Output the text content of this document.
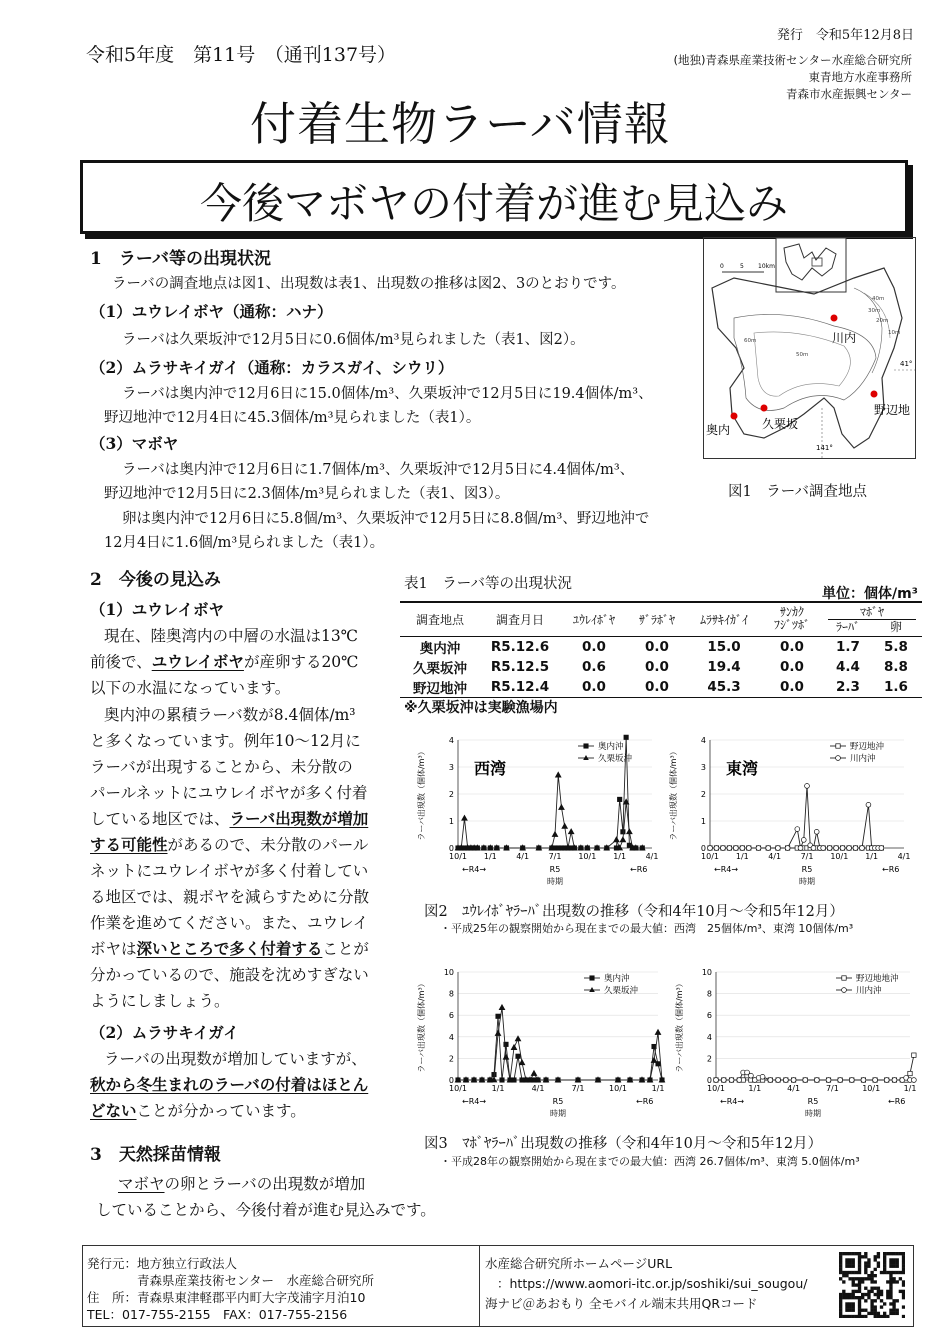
令和5年度　第11号　（通刊137号）
発行　令和5年12月8日
(地独)青森県産業技術センター水産総合研究所
東青地方水産事務所
青森市水産振興センター
付着生物ラーバ情報
今後マボヤの付着が進む見込み
1　ラーバ等の出現状況
ラーバの調査地点は図1、出現数は表1、出現数の推移は図2、3のとおりです。
（1）ユウレイボヤ（通称：ハナ）
ラーバは久栗坂沖で12月5日に0.6個体/m³見られました（表1、図2）。
（2）ムラサキイガイ（通称：カラスガイ、シウリ）
ラーバは奥内沖で12月6日に15.0個体/m³、久栗坂沖で12月5日に19.4個体/m³、
野辺地沖で12月4日に45.3個体/m³見られました（表1）。
（3）マボヤ
ラーバは奥内沖で12月6日に1.7個体/m³、久栗坂沖で12月5日に4.4個体/m³、
野辺地沖で12月5日に2.3個体/m³見られました（表1、図3）。
卵は奥内沖で12月6日に5.8個/m³、久栗坂沖で12月5日に8.8個/m³、野辺地沖で
12月4日に1.6個/m³見られました（表1）。
0	5 10km
41°
141°
40m
30m
20m
10m
60m
50m
川内
奥内	久栗坂
野辺地
図1　ラーバ調査地点
2　今後の見込み
（1）ユウレイボヤ
現在、陸奥湾内の中層の水温は13℃
前後で、ユウレイボヤが産卵する20℃
以下の水温になっています。
奥内沖の累積ラーバ数が8.4個体/m³
と多くなっています。例年10～12月に
ラーバが出現することから、未分散の
パールネットにユウレイボヤが多く付着
している地区では、ラーバ出現数が増加
する可能性があるので、未分散のパール
ネットにユウレイボヤが多く付着してい
る地区では、親ボヤを減らすために分散
作業を進めてください。また、ユウレイ
ボヤは深いところで多く付着することが
分かっているので、施設を沈めすぎない
ようにしましょう。
（2）ムラサキイガイ
ラーバの出現数が増加していますが、
秋から冬生まれのラーバの付着はほとん
どないことが分かっています。
3　天然採苗情報
マボヤの卵とラーバの出現数が増加
していることから、今後付着が進む見込みです。
表1　ラーバ等の出現状況
単位：個体/m³
調査地点	調査月日	ﾕｳﾚｲﾎﾞﾔ	ｻﾞﾗﾎﾞﾔ	ﾑﾗｻｷｲｶﾞｲ	ｻﾝｶｸ
ﾌｼﾞﾂﾎﾞ	ﾏﾎﾞﾔ
ﾗｰﾊﾞ 卵
奥内沖	R5.12.6	0.0	0.0	15.0	0.0	1.7 5.8
久栗坂沖	R5.12.5	0.6	0.0	19.4	0.0	4.4 8.8
野辺地沖	R5.12.4	0.0	0.0	45.3	0.0	2.3 1.6
※久栗坂沖は実験漁場内
0
1
2
3
4
10/1 1/1 4/1 7/1 10/1 1/1 4/1
←R4→	R5	←R6
時期
ラーバ出現数（個体/m³）	西湾
奥内沖
久栗坂沖
0
1
2
3
4
10/1 1/1 4/1 7/1 10/1 1/1 4/1
←R4→	R5	←R6
時期
ラーバ出現数（個体/m³）	東湾
野辺地沖
川内沖
図2　ﾕｳﾚｲﾎﾞﾔﾗｰﾊﾞ出現数の推移（令和4年10月～令和5年12月）
・平成25年の観察開始から現在までの最大値：西湾　25個体/m³、東湾 10個体/m³
0
2
4
6
8
10
10/1	1/1	4/1	7/1	10/1	1/1
←R4→	R5	←R6
時期
ラーバ出現数（個体/m³）
奥内沖
久栗坂沖
0
2
4
6
8
10
10/1	1/1	4/1	7/1	10/1	1/1
←R4→	R5	←R6
時期
ラーバ出現数（個体/m³）
野辺地地沖
川内沖
図3　ﾏﾎﾞﾔﾗｰﾊﾞ出現数の推移（令和4年10月～令和5年12月）
・平成28年の観察開始から現在までの最大値：西湾 26.7個体/m³、東湾 5.0個体/m³
発行元：地方独立行政法人
青森県産業技術センター　水産総合研究所
住　所：青森県東津軽郡平内町大字茂浦字月泊10
TEL：017-755-2155　FAX：017-755-2156
水産総合研究所ホームページURL
：https://www.aomori-itc.or.jp/soshiki/sui_sougou/
海ナビ＠あおもり 全モバイル端末共用QRコード
